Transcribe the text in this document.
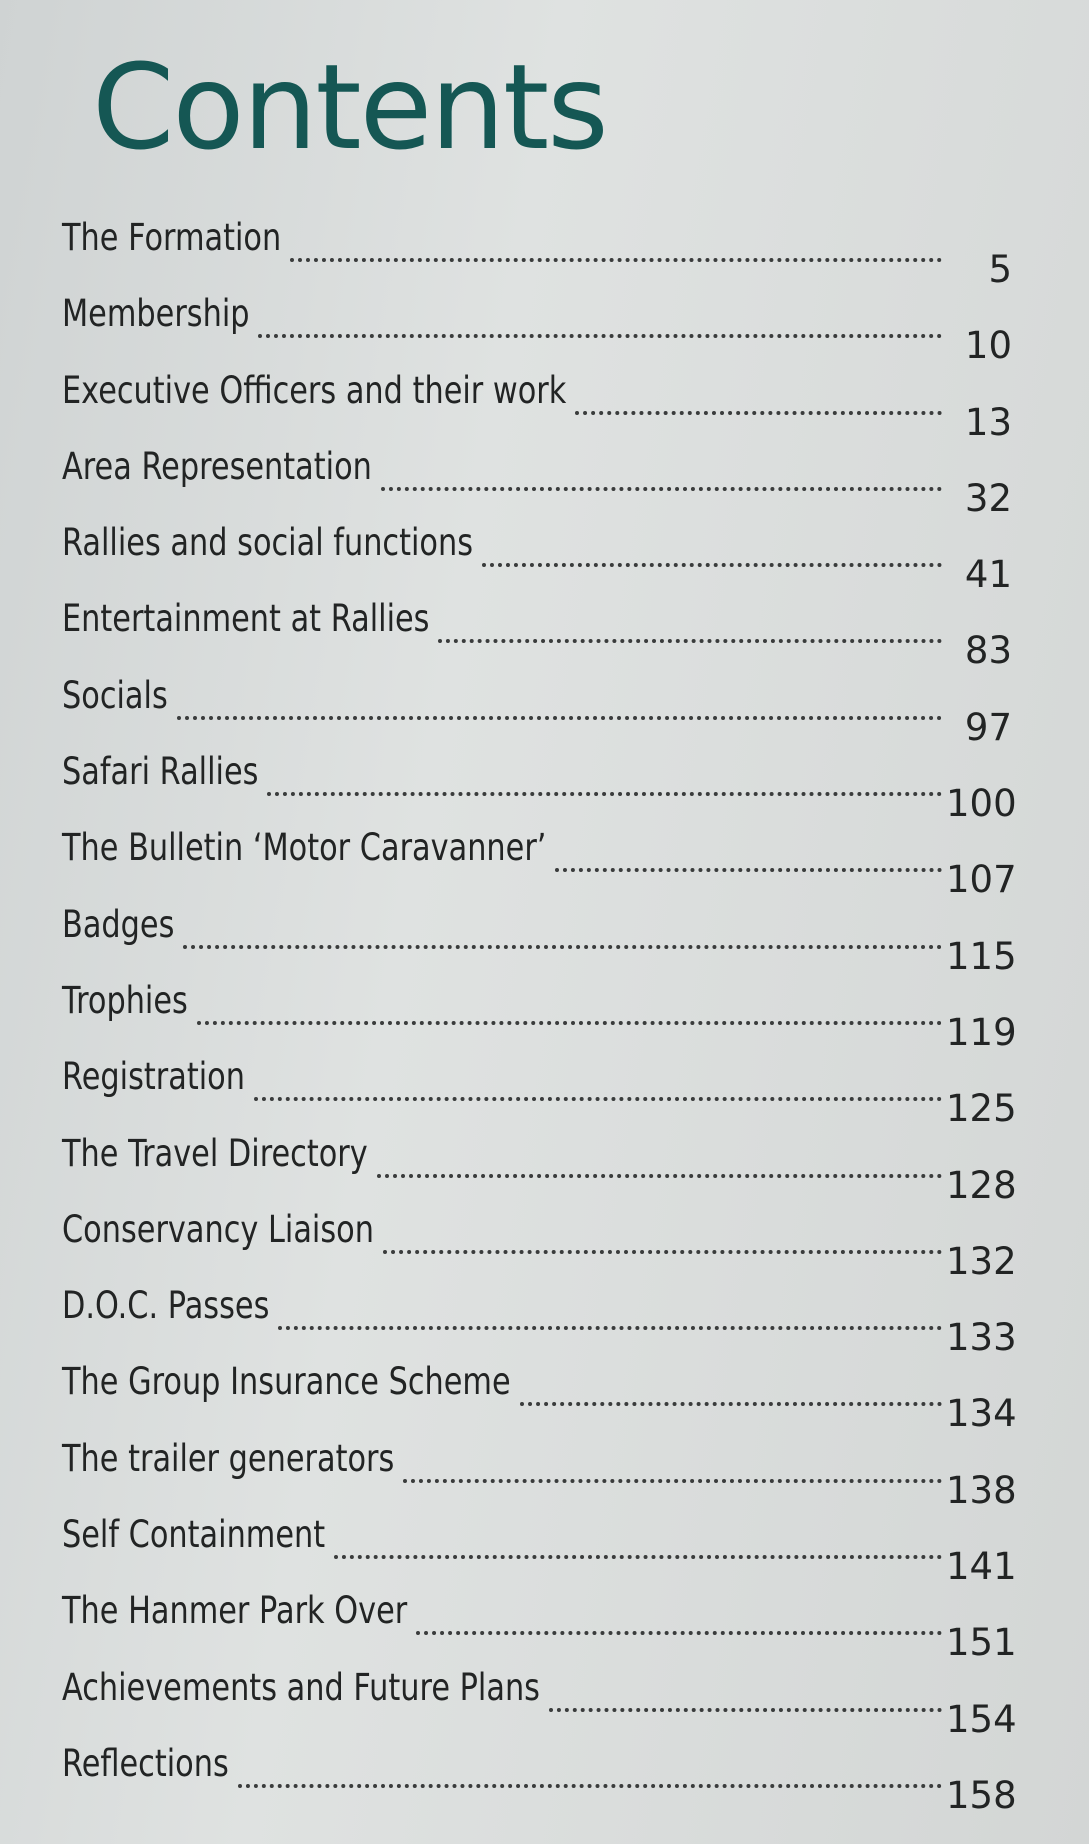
Contents
The Formation
5
Membership
10
Executive Officers and their work
13
Area Representation
32
Rallies and social functions
41
Entertainment at Rallies
83
Socials
97
Safari Rallies
100
The Bulletin ‘Motor Caravanner’
107
Badges
115
Trophies
119
Registration
125
The Travel Directory
128
Conservancy Liaison
132
D.O.C. Passes
133
The Group Insurance Scheme
134
The trailer generators
138
Self Containment
141
The Hanmer Park Over
151
Achievements and Future Plans
154
Reflections
158
